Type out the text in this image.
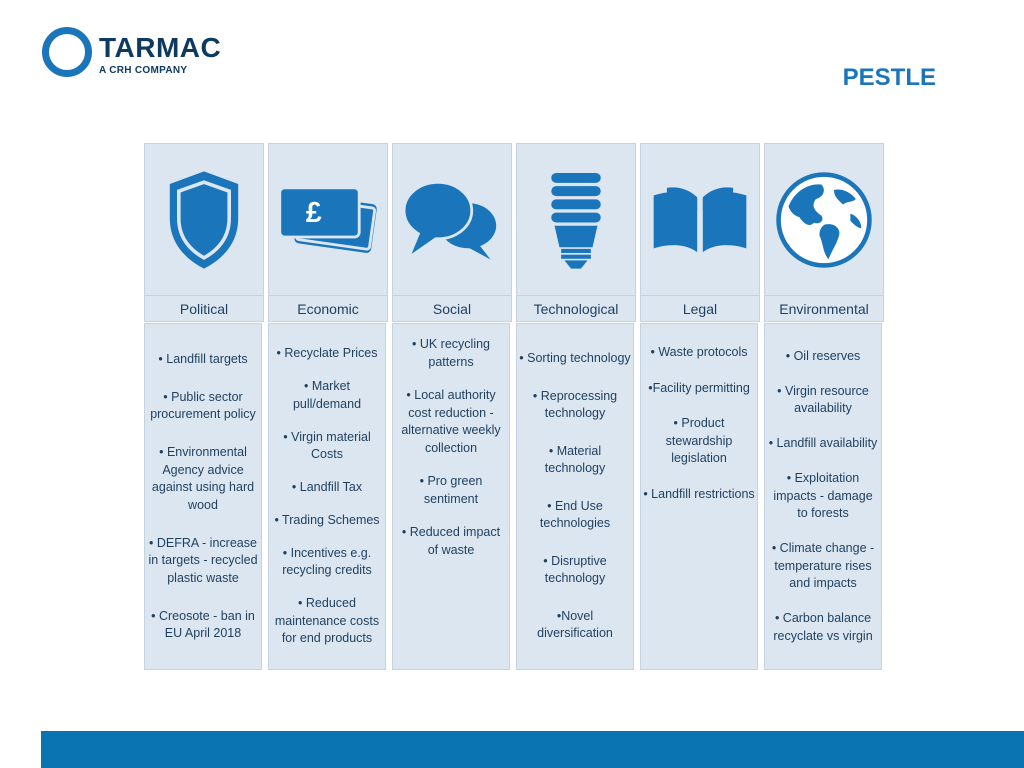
TARMAC
A CRH COMPANY	PESTLE
Political

• Landfill targets

• Public sector procurement policy

• Environmental Agency advice against using hard wood

• DEFRA - increase in targets - recycled plastic waste

• Creosote - ban in EU April 2018

£
Economic

• Recyclate Prices

• Market pull/demand

• Virgin material Costs

• Landfill Tax

• Trading Schemes

• Incentives e.g. recycling credits

• Reduced maintenance costs for end products

Social

• UK recycling patterns

• Local authority cost reduction - alternative weekly collection

• Pro green sentiment

• Reduced impact of waste

Technological

• Sorting technology

• Reprocessing technology

• Material technology

• End Use technologies

• Disruptive technology

•Novel diversification

Legal

• Waste protocols

•Facility permitting

• Product stewardship legislation

• Landfill restrictions

Environmental

• Oil reserves

• Virgin resource availability

• Landfill availability

• Exploitation impacts - damage to forests

• Climate change - temperature rises and impacts

• Carbon balance recyclate vs virgin
